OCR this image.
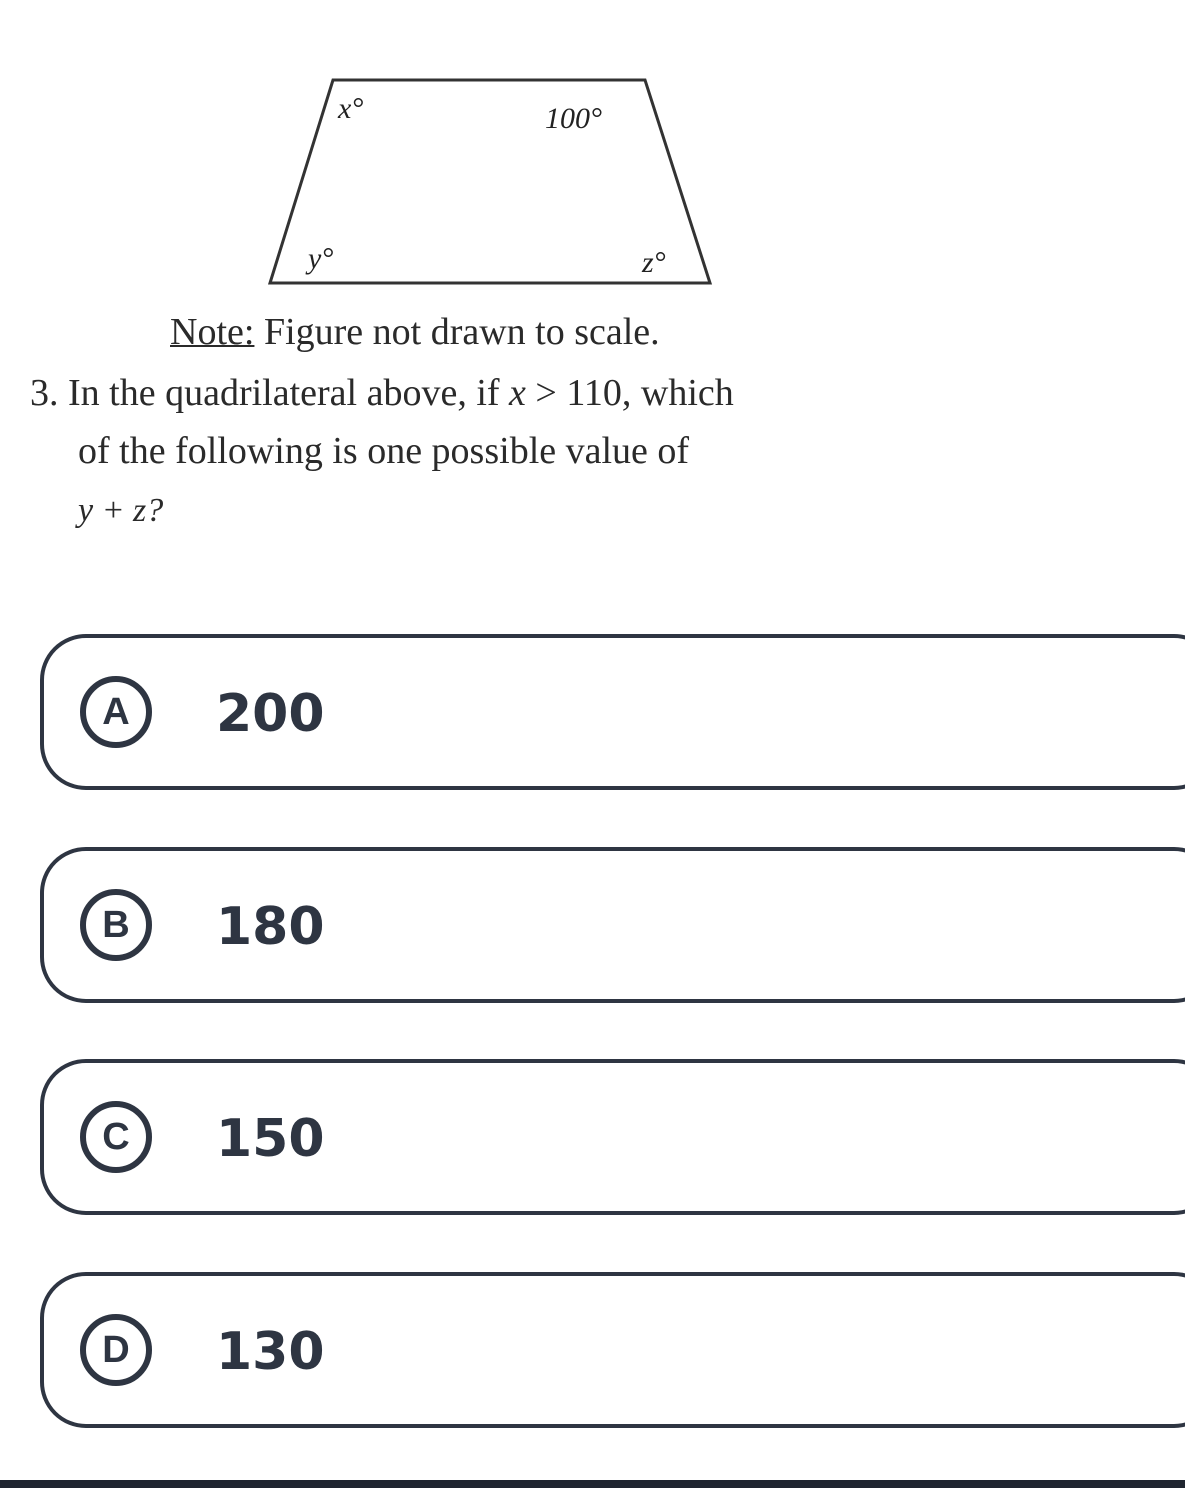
x°	100°
y°	z°
Note: Figure not drawn to scale.
3. In the quadrilateral above, if x > 110, which
of the following is one possible value of
y + z?
A	200
B	180
C	150
D	130
